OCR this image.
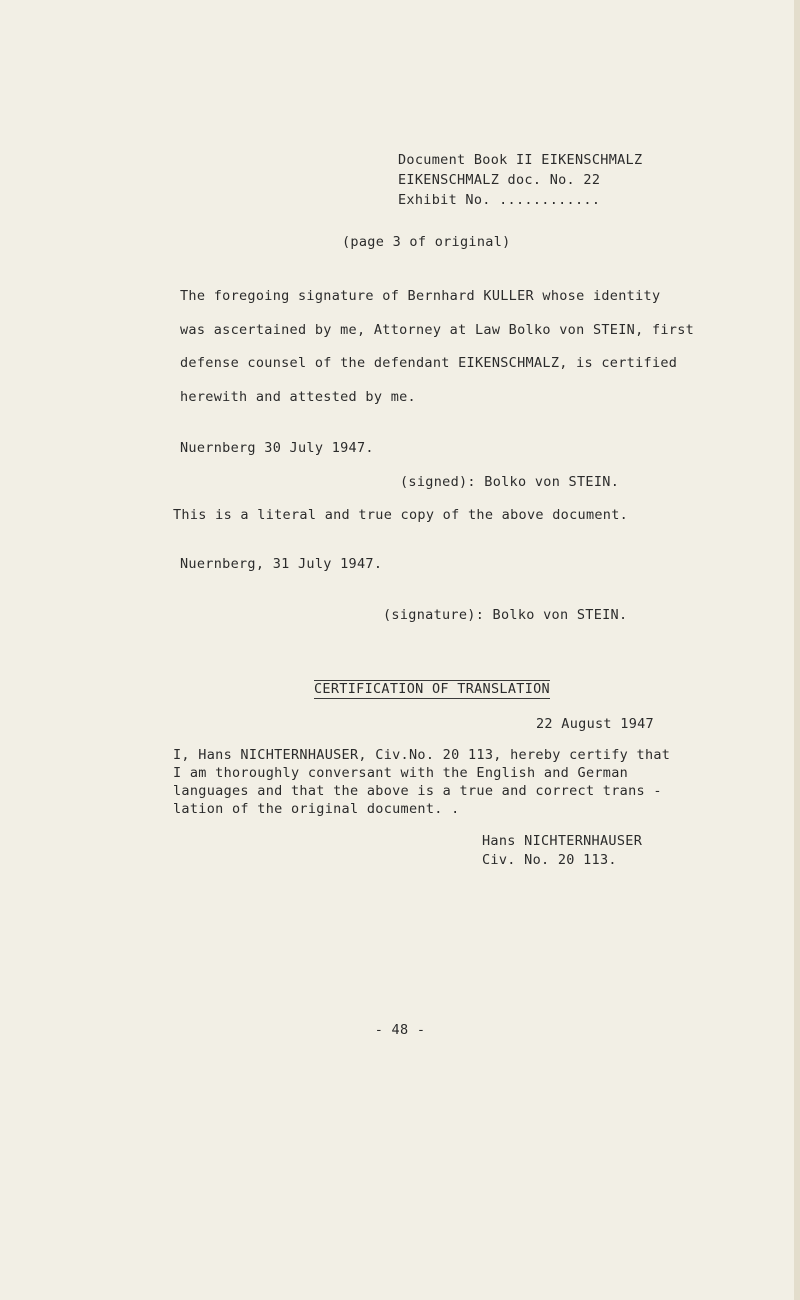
Document Book II EIKENSCHMALZ
EIKENSCHMALZ doc. No. 22
Exhibit No. ............
(page 3 of original)
The foregoing signature of Bernhard KULLER whose identity
was ascertained by me, Attorney at Law Bolko von STEIN, first
defense counsel of the defendant EIKENSCHMALZ, is certified
herewith and attested by me.
Nuernberg 30 July 1947.
(signed): Bolko von STEIN.
This is a literal and true copy of the above document.
Nuernberg, 31 July 1947.
(signature): Bolko von STEIN.
CERTIFICATION OF TRANSLATION
22 August 1947
I, Hans NICHTERNHAUSER, Civ.No. 20 113, hereby certify that
I am thoroughly conversant with the English and German
languages and that the above is a true and correct trans -
lation of the original document. .
Hans NICHTERNHAUSER
Civ. No. 20 113.
- 48 -
